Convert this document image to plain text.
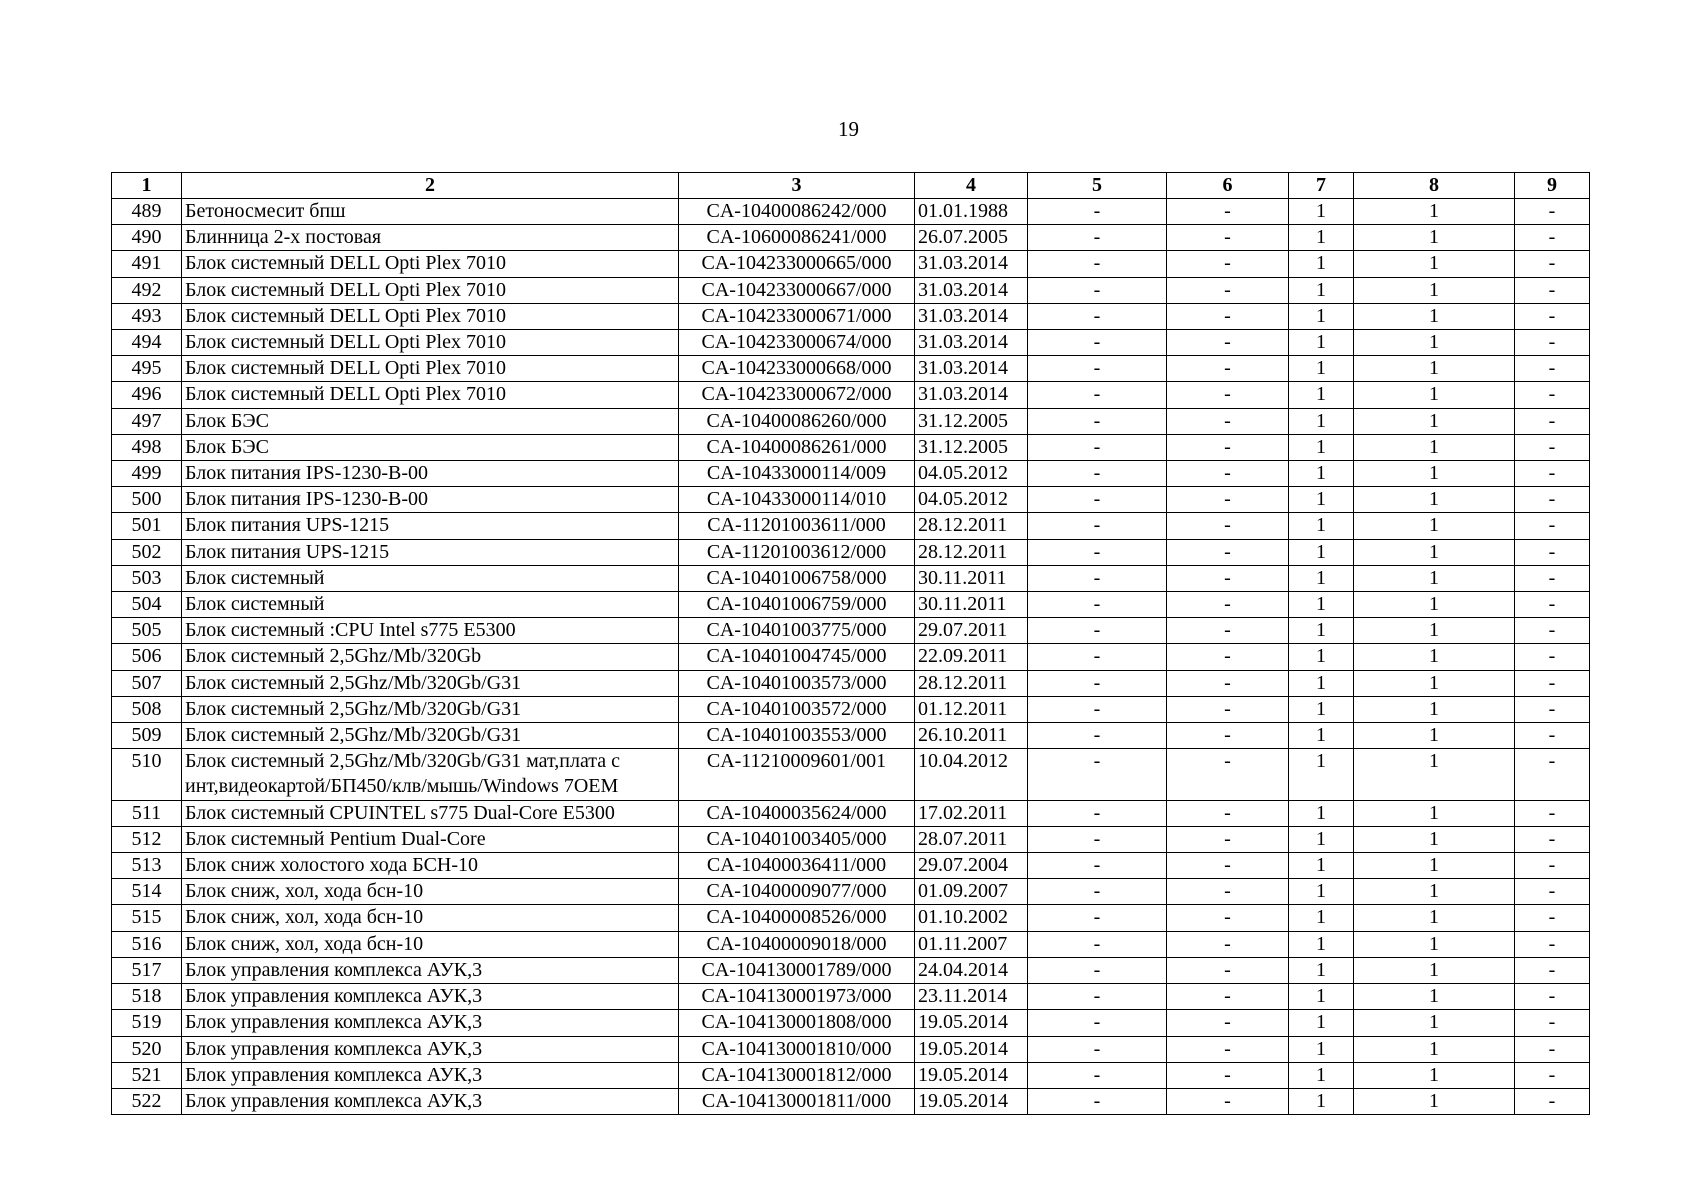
19
1	2	3	4	5	6	7	8	9
489	Бетоносмесит бпш	CA-10400086242/000	01.01.1988	-	-	1	1	-
490	Блинница 2-х постовая	CA-10600086241/000	26.07.2005	-	-	1	1	-
491	Блок системный DELL Opti Plex 7010	CA-104233000665/000	31.03.2014	-	-	1	1	-
492	Блок системный DELL Opti Plex 7010	CA-104233000667/000	31.03.2014	-	-	1	1	-
493	Блок системный DELL Opti Plex 7010	CA-104233000671/000	31.03.2014	-	-	1	1	-
494	Блок системный DELL Opti Plex 7010	CA-104233000674/000	31.03.2014	-	-	1	1	-
495	Блок системный DELL Opti Plex 7010	CA-104233000668/000	31.03.2014	-	-	1	1	-
496	Блок системный DELL Opti Plex 7010	CA-104233000672/000	31.03.2014	-	-	1	1	-
497	Блок БЭС	CA-10400086260/000	31.12.2005	-	-	1	1	-
498	Блок БЭС	CA-10400086261/000	31.12.2005	-	-	1	1	-
499	Блок питания IPS-1230-B-00	CA-10433000114/009	04.05.2012	-	-	1	1	-
500	Блок питания IPS-1230-B-00	CA-10433000114/010	04.05.2012	-	-	1	1	-
501	Блок питания UPS-1215	CA-11201003611/000	28.12.2011	-	-	1	1	-
502	Блок питания UPS-1215	CA-11201003612/000	28.12.2011	-	-	1	1	-
503	Блок системный	CA-10401006758/000	30.11.2011	-	-	1	1	-
504	Блок системный	CA-10401006759/000	30.11.2011	-	-	1	1	-
505	Блок системный :CPU Intel s775 E5300	CA-10401003775/000	29.07.2011	-	-	1	1	-
506	Блок системный 2,5Ghz/Mb/320Gb	CA-10401004745/000	22.09.2011	-	-	1	1	-
507	Блок системный 2,5Ghz/Mb/320Gb/G31	CA-10401003573/000	28.12.2011	-	-	1	1	-
508	Блок системный 2,5Ghz/Mb/320Gb/G31	CA-10401003572/000	01.12.2011	-	-	1	1	-
509	Блок системный 2,5Ghz/Mb/320Gb/G31	CA-10401003553/000	26.10.2011	-	-	1	1	-
510	Блок системный 2,5Ghz/Mb/320Gb/G31 мат,плата с инт,видеокартой/БП450/клв/мышь/Windows 7OEM	CA-11210009601/001	10.04.2012	-	-	1	1	-
511	Блок системный CPUINTEL s775 Dual-Core E5300	CA-10400035624/000	17.02.2011	-	-	1	1	-
512	Блок системный Pentium Dual-Core	CA-10401003405/000	28.07.2011	-	-	1	1	-
513	Блок сниж холостого хода БСН-10	CA-10400036411/000	29.07.2004	-	-	1	1	-
514	Блок сниж, хол, хода бсн-10	CA-10400009077/000	01.09.2007	-	-	1	1	-
515	Блок сниж, хол, хода бсн-10	CA-10400008526/000	01.10.2002	-	-	1	1	-
516	Блок сниж, хол, хода бсн-10	CA-10400009018/000	01.11.2007	-	-	1	1	-
517	Блок управления комплекса АУК,3	CA-104130001789/000	24.04.2014	-	-	1	1	-
518	Блок управления комплекса АУК,3	CA-104130001973/000	23.11.2014	-	-	1	1	-
519	Блок управления комплекса АУК,3	CA-104130001808/000	19.05.2014	-	-	1	1	-
520	Блок управления комплекса АУК,3	CA-104130001810/000	19.05.2014	-	-	1	1	-
521	Блок управления комплекса АУК,3	CA-104130001812/000	19.05.2014	-	-	1	1	-
522	Блок управления комплекса АУК,3	CA-104130001811/000	19.05.2014	-	-	1	1	-
